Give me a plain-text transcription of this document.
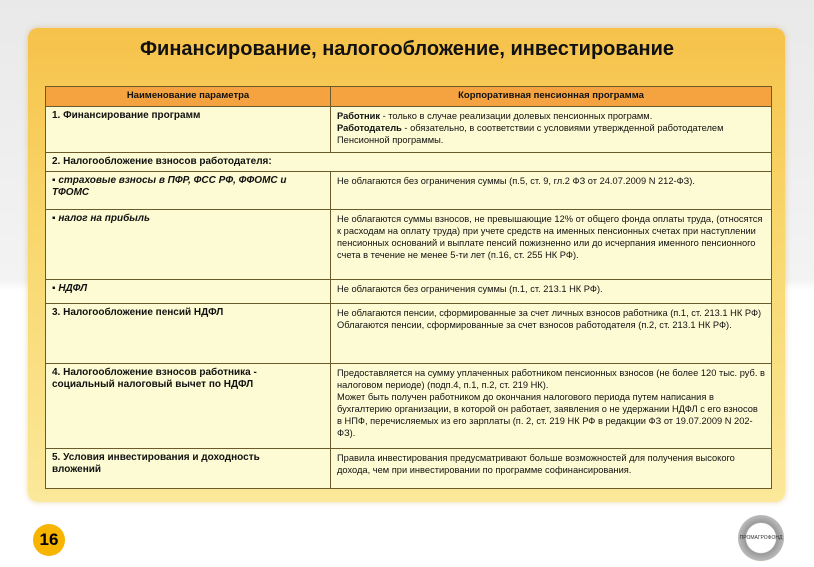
Финансирование, налогообложение, инвестирование
Наименование параметра	Корпоративная пенсионная программа
1. Финансирование программ	Работник - только в случае реализации долевых пенсионных программ.
Работодатель - обязательно, в соответствии с условиями утвержденной работодателем Пенсионной программы.
2. Налогообложение взносов работодателя:	
▪ страховые взносы в ПФР, ФСС РФ, ФФОМС и ТФОМС	Не облагаются без ограничения суммы (п.5, ст. 9, гл.2 ФЗ от 24.07.2009 N 212-ФЗ).
▪ налог на прибыль	Не облагаются суммы взносов, не превышающие 12% от общего фонда оплаты труда, (относятся к расходам на оплату труда) при учете средств на именных пенсионных счетах при наступлении пенсионных оснований и выплате пенсий пожизненно или до исчерпания именного пенсионного счета в течение не менее 5-ти лет (п.16, ст. 255 НК РФ).
▪ НДФЛ	Не облагаются без ограничения суммы (п.1, ст. 213.1 НК РФ).
3. Налогообложение пенсий НДФЛ	Не облагаются пенсии, сформированные за счет личных взносов работника (п.1, ст. 213.1 НК РФ)
Облагаются пенсии, сформированные за счет взносов работодателя (п.2, ст. 213.1 НК РФ).

4. Налогообложение взносов работника - социальный налоговый вычет по НДФЛ	Предоставляется на сумму уплаченных работником пенсионных взносов (не более 120 тыс. руб. в налоговом периоде) (подп.4, п.1, п.2, ст. 219 НК).
Может быть получен работником до окончания налогового периода путем написания в бухгалтерию организации, в которой он работает, заявления о не удержании НДФЛ с его взносов в НПФ, перечисляемых из его зарплаты (п. 2, ст. 219 НК РФ в редакции ФЗ от 19.07.2009 N 202-ФЗ).

5. Условия инвестирования и доходность вложений	Правила инвестирования предусматривают больше возможностей для получения высокого дохода, чем при инвестировании по программе софинансирования.
16	ПРОМАГРОФОНД
